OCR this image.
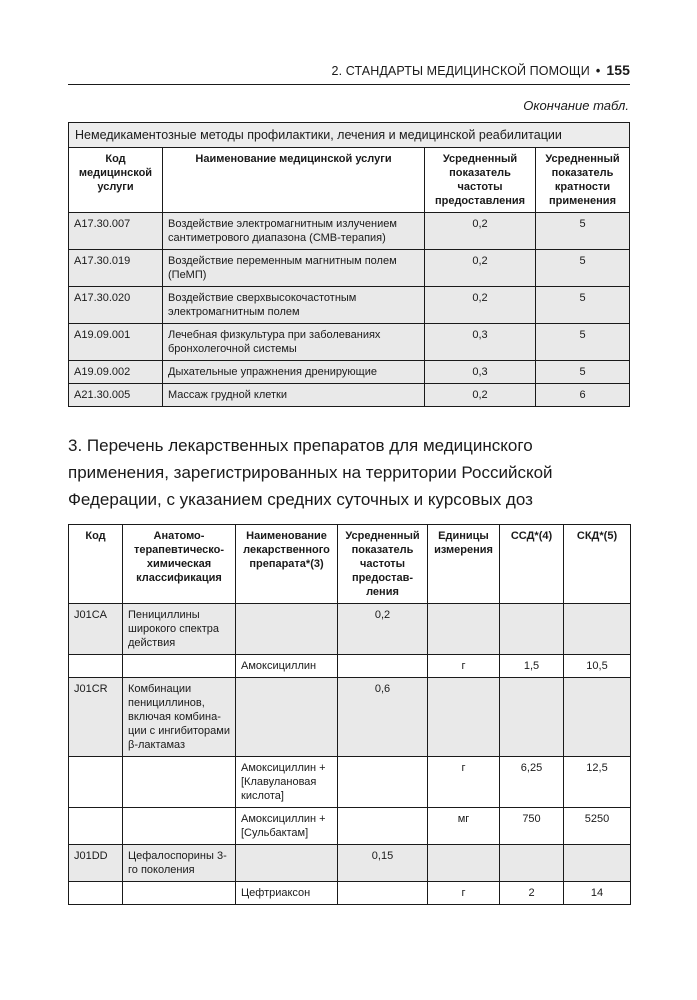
2. СТАНДАРТЫ МЕДИЦИНСКОЙ ПОМОЩИ • 155
Окончание табл.
Немедикаментозные методы профилактики, лечения и медицинской реабилитации			
Код медицинской услуги	Наименование медицинской услуги	Усредненный показатель частоты предоставления	Усредненный показатель кратности применения
A17.30.007	Воздействие электромагнитным излучением сантиметрового диапазона (СМВ-терапия)	0,2	5
A17.30.019	Воздействие переменным магнитным полем (ПеМП)	0,2	5
A17.30.020	Воздействие сверхвысокочастотным электромагнитным полем	0,2	5
A19.09.001	Лечебная физкультура при заболеваниях бронхолегочной системы	0,3	5
A19.09.002	Дыхательные упражнения дренирующие	0,3	5
A21.30.005	Массаж грудной клетки	0,2	6
3. Перечень лекарственных препаратов для медицинского применения, зарегистрированных на территории Российской Федерации, с указанием средних суточных и курсовых доз
Код	Анатомотерапевтическо-химическая классификация	Наименование лекарственного препарата*(3)	Усредненный показатель частоты предоставления	Единицы измерения	ССД*(4)	СКД*(5)
J01CA	Пенициллины широкого спектра действия		0,2			
		Амоксициллин		г	1,5	10,5
J01CR	Комбинации пенициллинов, включая комбинации с ингибиторами β-лактамаз		0,6			
		Амоксициллин + [Клавулановая кислота]		г	6,25	12,5
		Амоксициллин + [Сульбактам]		мг	750	5250
J01DD	Цефалоспорины 3-го поколения		0,15			
		Цефтриаксон		г	2	14
